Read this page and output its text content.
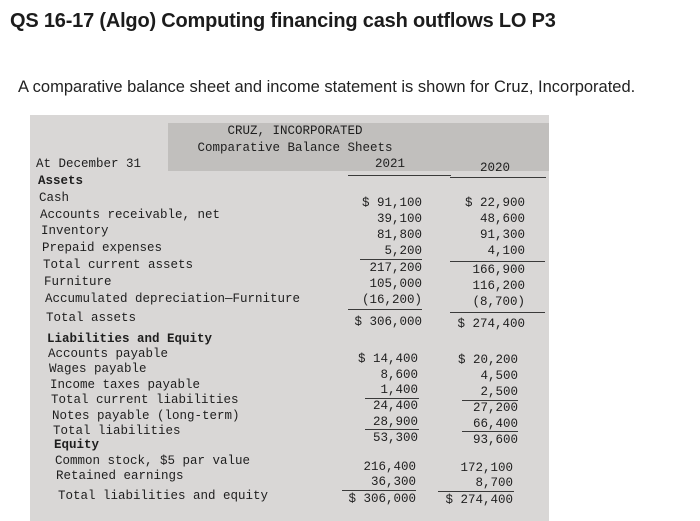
QS 16-17 (Algo) Computing financing cash outflows LO P3

A comparative balance sheet and income statement is shown for Cruz, Incorporated.

CRUZ, INCORPORATED
Comparative Balance Sheets
At December 31	2021	2020
Assets
Cash
Accounts receivable, net
Inventory
Prepaid expenses
Total current assets
Furniture
Accumulated depreciation—Furniture
Total assets
$ 91,100
39,100
81,800
5,200
217,200
105,000
(16,200)
$ 306,000
$ 22,900
48,600
91,300
4,100
166,900
116,200
(8,700)
$ 274,400
Liabilities and Equity
Accounts payable
Wages payable
Income taxes payable
Total current liabilities
Notes payable (long-term)
Total liabilities
$ 14,400
8,600
1,400
24,400
28,900
53,300
$ 20,200
4,500
2,500
27,200
66,400
93,600
Equity
Common stock, $5 par value
Retained earnings
Total liabilities and equity
216,400
36,300
$ 306,000
172,100
8,700
$ 274,400
